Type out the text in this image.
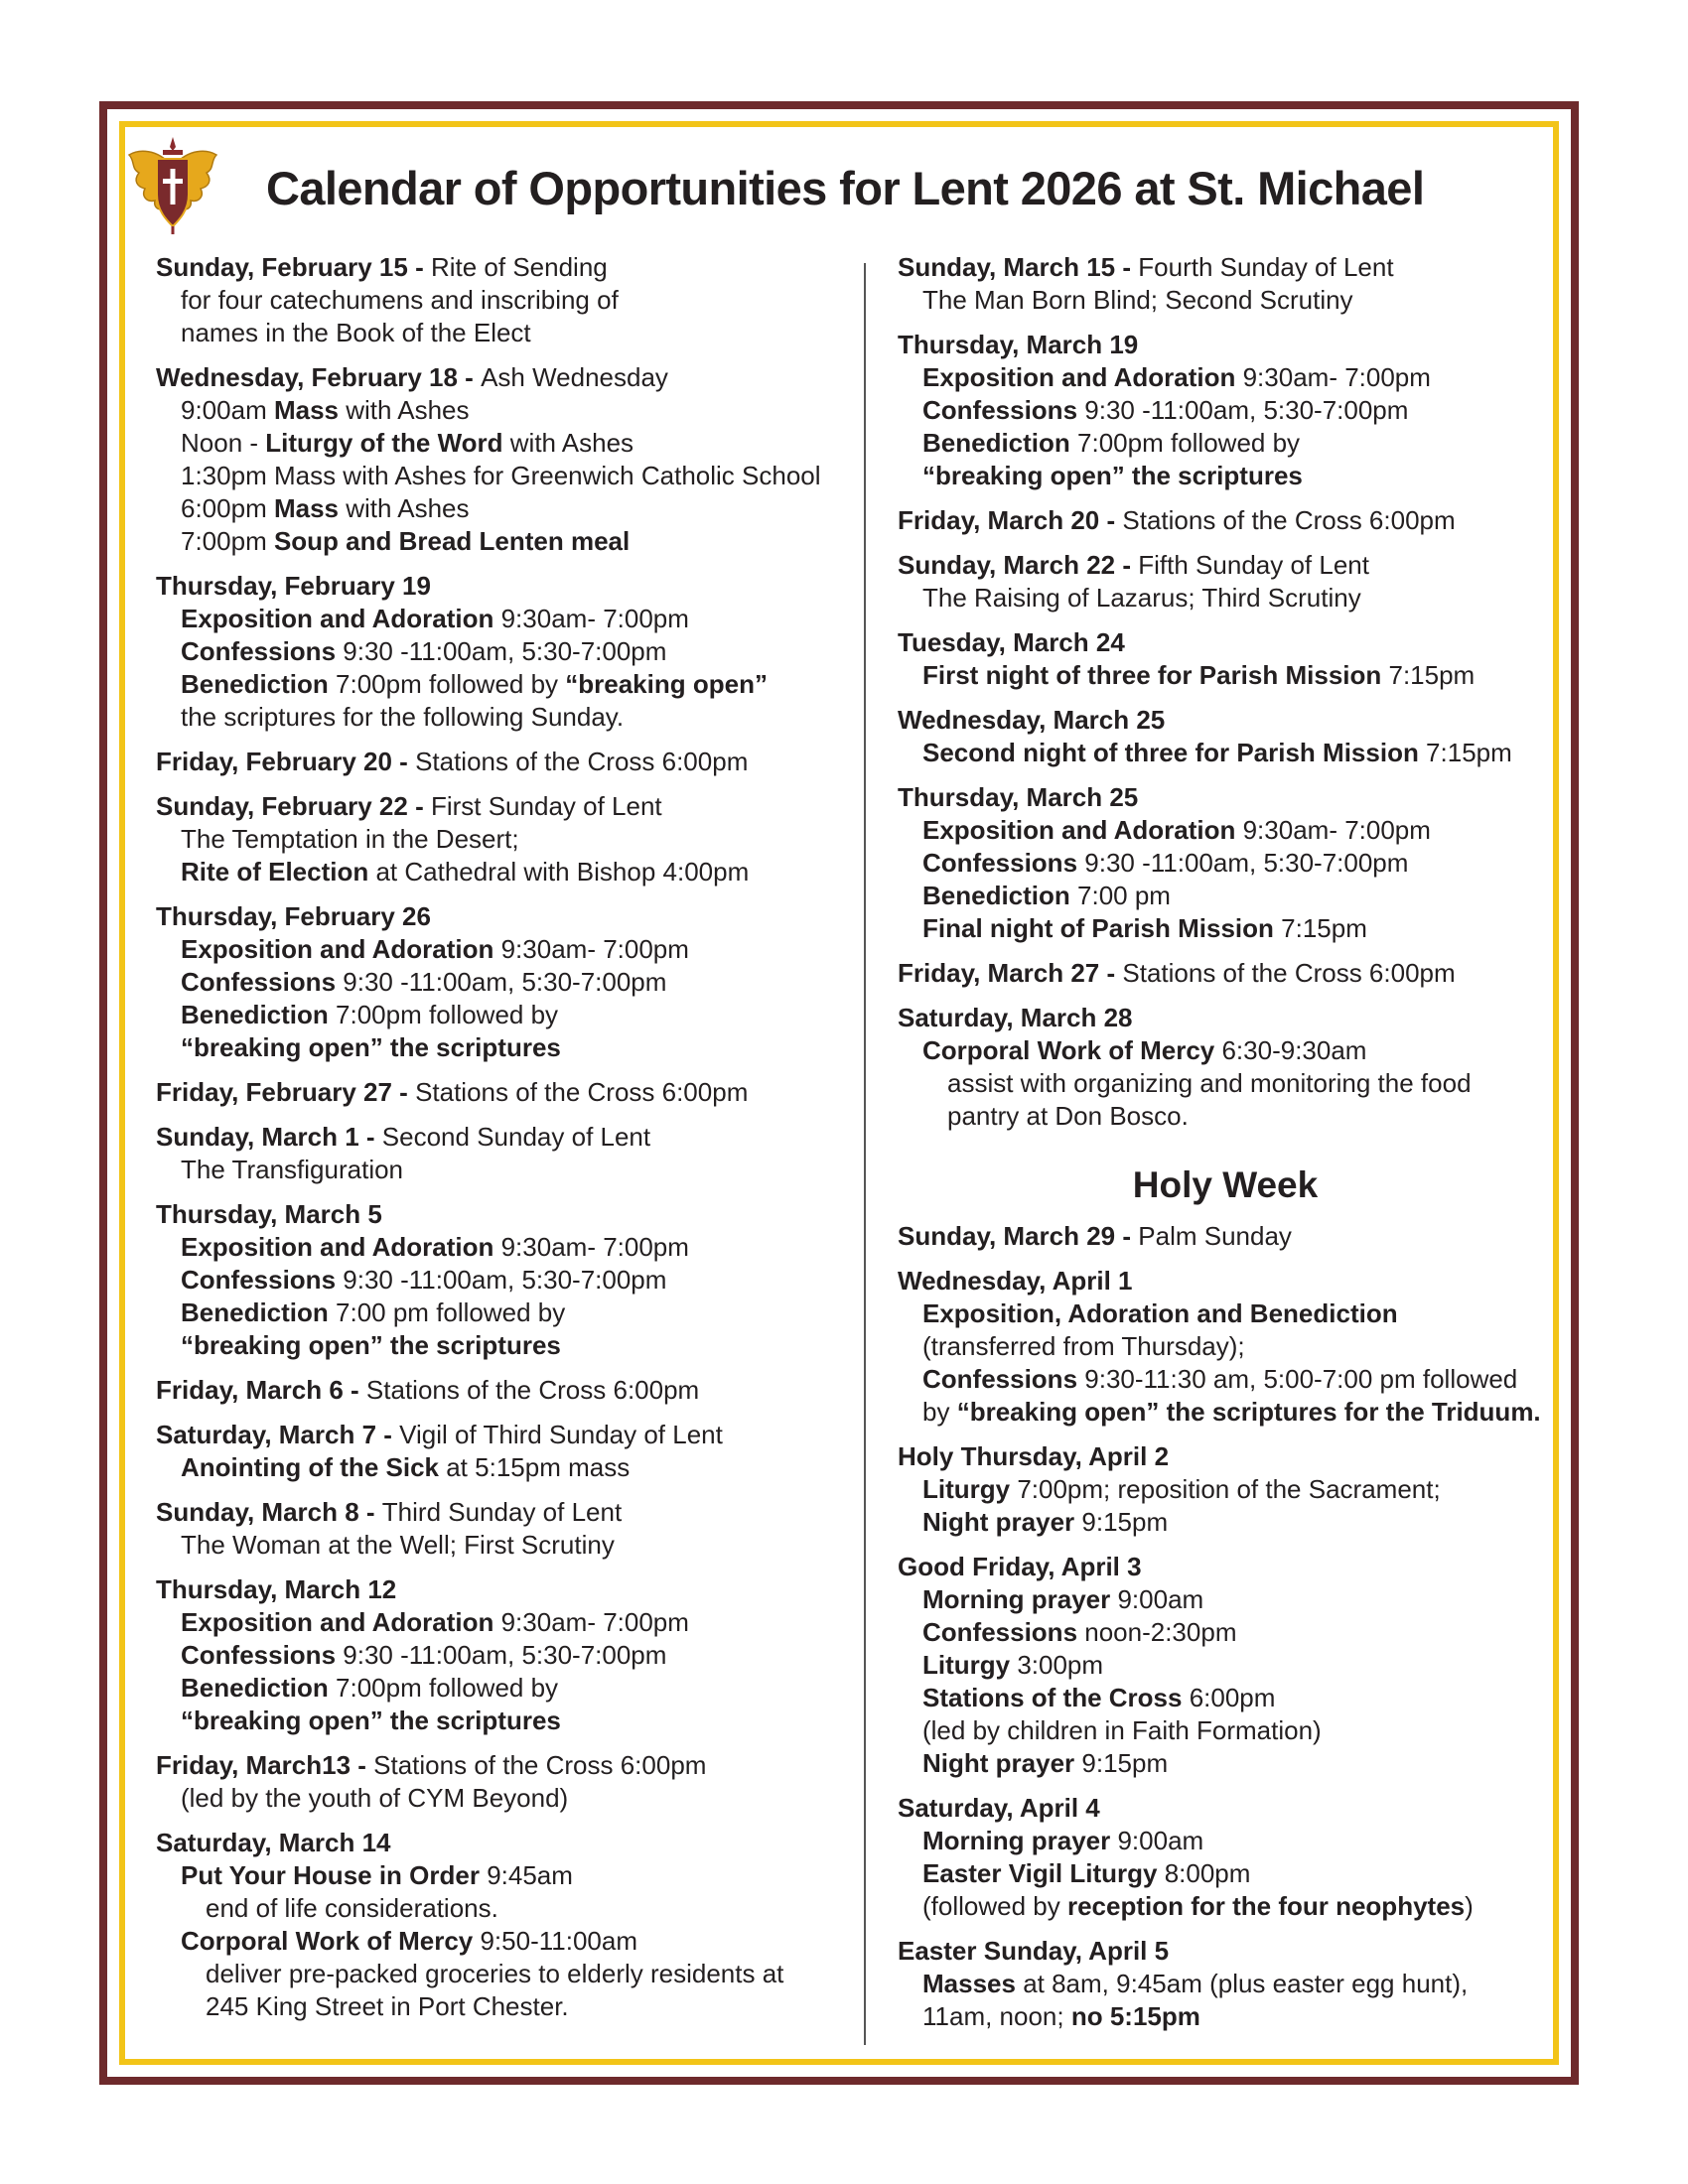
Calendar of Opportunities for Lent 2026 at St. Michael
Sunday, February 15 - Rite of Sending
for four catechumens and inscribing of
names in the Book of the Elect
Wednesday, February 18 - Ash Wednesday
9:00am Mass with Ashes
Noon - Liturgy of the Word with Ashes
1:30pm Mass with Ashes for Greenwich Catholic School
6:00pm Mass with Ashes
7:00pm Soup and Bread Lenten meal
Thursday, February 19
Exposition and Adoration 9:30am- 7:00pm
Confessions 9:30 -11:00am, 5:30-7:00pm
Benediction 7:00pm followed by “breaking open”
the scriptures for the following Sunday.
Friday, February 20 - Stations of the Cross 6:00pm
Sunday, February 22 - First Sunday of Lent
The Temptation in the Desert;
Rite of Election at Cathedral with Bishop 4:00pm
Thursday, February 26
Exposition and Adoration 9:30am- 7:00pm
Confessions 9:30 -11:00am, 5:30-7:00pm
Benediction 7:00pm followed by
“breaking open” the scriptures
Friday, February 27 - Stations of the Cross 6:00pm
Sunday, March 1 - Second Sunday of Lent
The Transfiguration
Thursday, March 5
Exposition and Adoration 9:30am- 7:00pm
Confessions 9:30 -11:00am, 5:30-7:00pm
Benediction 7:00 pm followed by
“breaking open” the scriptures
Friday, March 6 - Stations of the Cross 6:00pm
Saturday, March 7 - Vigil of Third Sunday of Lent
Anointing of the Sick at 5:15pm mass
Sunday, March 8 - Third Sunday of Lent
The Woman at the Well; First Scrutiny
Thursday, March 12
Exposition and Adoration 9:30am- 7:00pm
Confessions 9:30 -11:00am, 5:30-7:00pm
Benediction 7:00pm followed by
“breaking open” the scriptures
Friday, March13 - Stations of the Cross 6:00pm
(led by the youth of CYM Beyond)
Saturday, March 14
Put Your House in Order 9:45am
end of life considerations.
Corporal Work of Mercy 9:50-11:00am
deliver pre-packed groceries to elderly residents at
245 King Street in Port Chester.
Sunday, March 15 - Fourth Sunday of Lent
The Man Born Blind; Second Scrutiny
Thursday, March 19
Exposition and Adoration 9:30am- 7:00pm
Confessions 9:30 -11:00am, 5:30-7:00pm
Benediction 7:00pm followed by
“breaking open” the scriptures
Friday, March 20 - Stations of the Cross 6:00pm
Sunday, March 22 - Fifth Sunday of Lent
The Raising of Lazarus; Third Scrutiny
Tuesday, March 24
First night of three for Parish Mission 7:15pm
Wednesday, March 25
Second night of three for Parish Mission 7:15pm
Thursday, March 25
Exposition and Adoration 9:30am- 7:00pm
Confessions 9:30 -11:00am, 5:30-7:00pm
Benediction 7:00 pm
Final night of Parish Mission 7:15pm
Friday, March 27 - Stations of the Cross 6:00pm
Saturday, March 28
Corporal Work of Mercy 6:30-9:30am
assist with organizing and monitoring the food
pantry at Don Bosco.
Holy Week
Sunday, March 29 - Palm Sunday
Wednesday, April 1
Exposition, Adoration and Benediction
(transferred from Thursday);
Confessions 9:30-11:30 am, 5:00-7:00 pm followed
by “breaking open” the scriptures for the Triduum.
Holy Thursday, April 2
Liturgy 7:00pm; reposition of the Sacrament;
Night prayer 9:15pm
Good Friday, April 3
Morning prayer 9:00am
Confessions noon-2:30pm
Liturgy 3:00pm
Stations of the Cross 6:00pm
(led by children in Faith Formation)
Night prayer 9:15pm
Saturday, April 4
Morning prayer 9:00am
Easter Vigil Liturgy 8:00pm
(followed by reception for the four neophytes)
Easter Sunday, April 5
Masses at 8am, 9:45am (plus easter egg hunt),
11am, noon; no 5:15pm
